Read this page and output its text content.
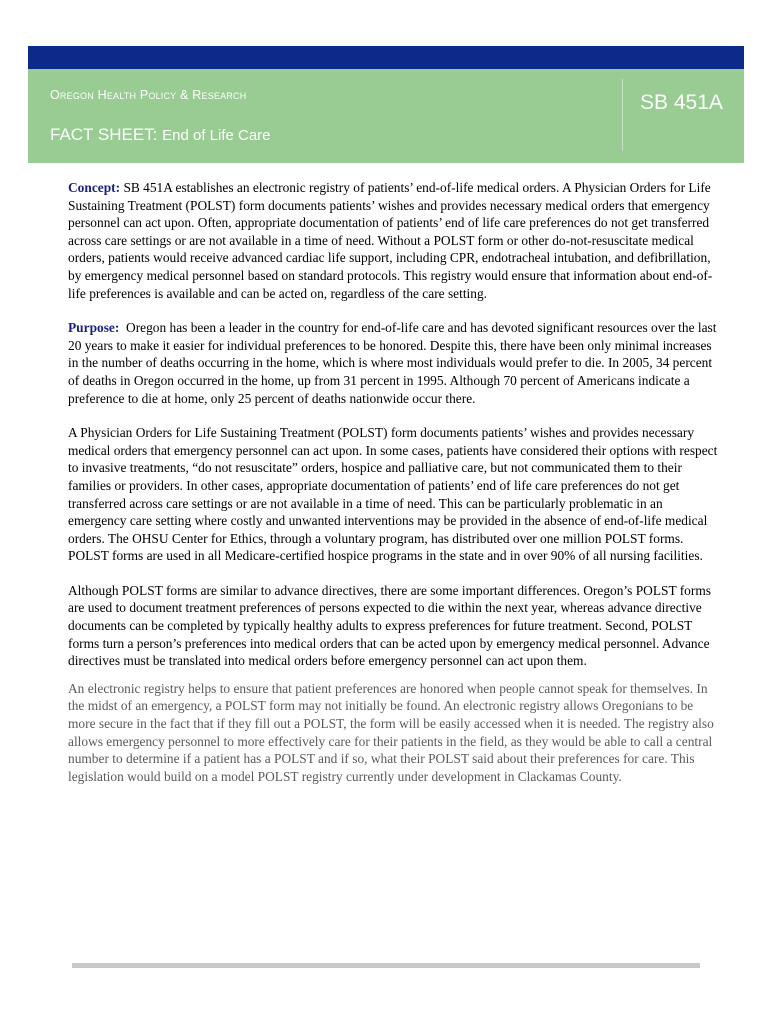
Oregon Health Policy & Research
FACT SHEET: End of Life Care
SB 451A

Concept: SB 451A establishes an electronic registry of patients’ end-of-life medical orders. A Physician Orders for Life Sustaining Treatment (POLST) form documents patients’ wishes and provides necessary medical orders that emergency personnel can act upon. Often, appropriate documentation of patients’ end of life care preferences do not get transferred across care settings or are not available in a time of need. Without a POLST form or other do-not-resuscitate medical orders, patients would receive advanced cardiac life support, including CPR, endotracheal intubation, and defibrillation, by emergency medical personnel based on standard protocols. This registry would ensure that information about end-of-life preferences is available and can be acted on, regardless of the care setting.

Purpose: Oregon has been a leader in the country for end-of-life care and has devoted significant resources over the last 20 years to make it easier for individual preferences to be honored. Despite this, there have been only minimal increases in the number of deaths occurring in the home, which is where most individuals would prefer to die. In 2005, 34 percent of deaths in Oregon occurred in the home, up from 31 percent in 1995. Although 70 percent of Americans indicate a preference to die at home, only 25 percent of deaths nationwide occur there.

A Physician Orders for Life Sustaining Treatment (POLST) form documents patients’ wishes and provides necessary medical orders that emergency personnel can act upon. In some cases, patients have considered their options with respect to invasive treatments, “do not resuscitate” orders, hospice and palliative care, but not communicated them to their families or providers. In other cases, appropriate documentation of patients’ end of life care preferences do not get transferred across care settings or are not available in a time of need. This can be particularly problematic in an emergency care setting where costly and unwanted interventions may be provided in the absence of end-of-life medical orders. The OHSU Center for Ethics, through a voluntary program, has distributed over one million POLST forms. POLST forms are used in all Medicare-certified hospice programs in the state and in over 90% of all nursing facilities.

Although POLST forms are similar to advance directives, there are some important differences. Oregon’s POLST forms are used to document treatment preferences of persons expected to die within the next year, whereas advance directive documents can be completed by typically healthy adults to express preferences for future treatment. Second, POLST forms turn a person’s preferences into medical orders that can be acted upon by emergency medical personnel. Advance directives must be translated into medical orders before emergency personnel can act upon them.

An electronic registry helps to ensure that patient preferences are honored when people cannot speak for themselves. In the midst of an emergency, a POLST form may not initially be found. An electronic registry allows Oregonians to be more secure in the fact that if they fill out a POLST, the form will be easily accessed when it is needed. The registry also allows emergency personnel to more effectively care for their patients in the field, as they would be able to call a central number to determine if a patient has a POLST and if so, what their POLST said about their preferences for care. This legislation would build on a model POLST registry currently under development in Clackamas County.
